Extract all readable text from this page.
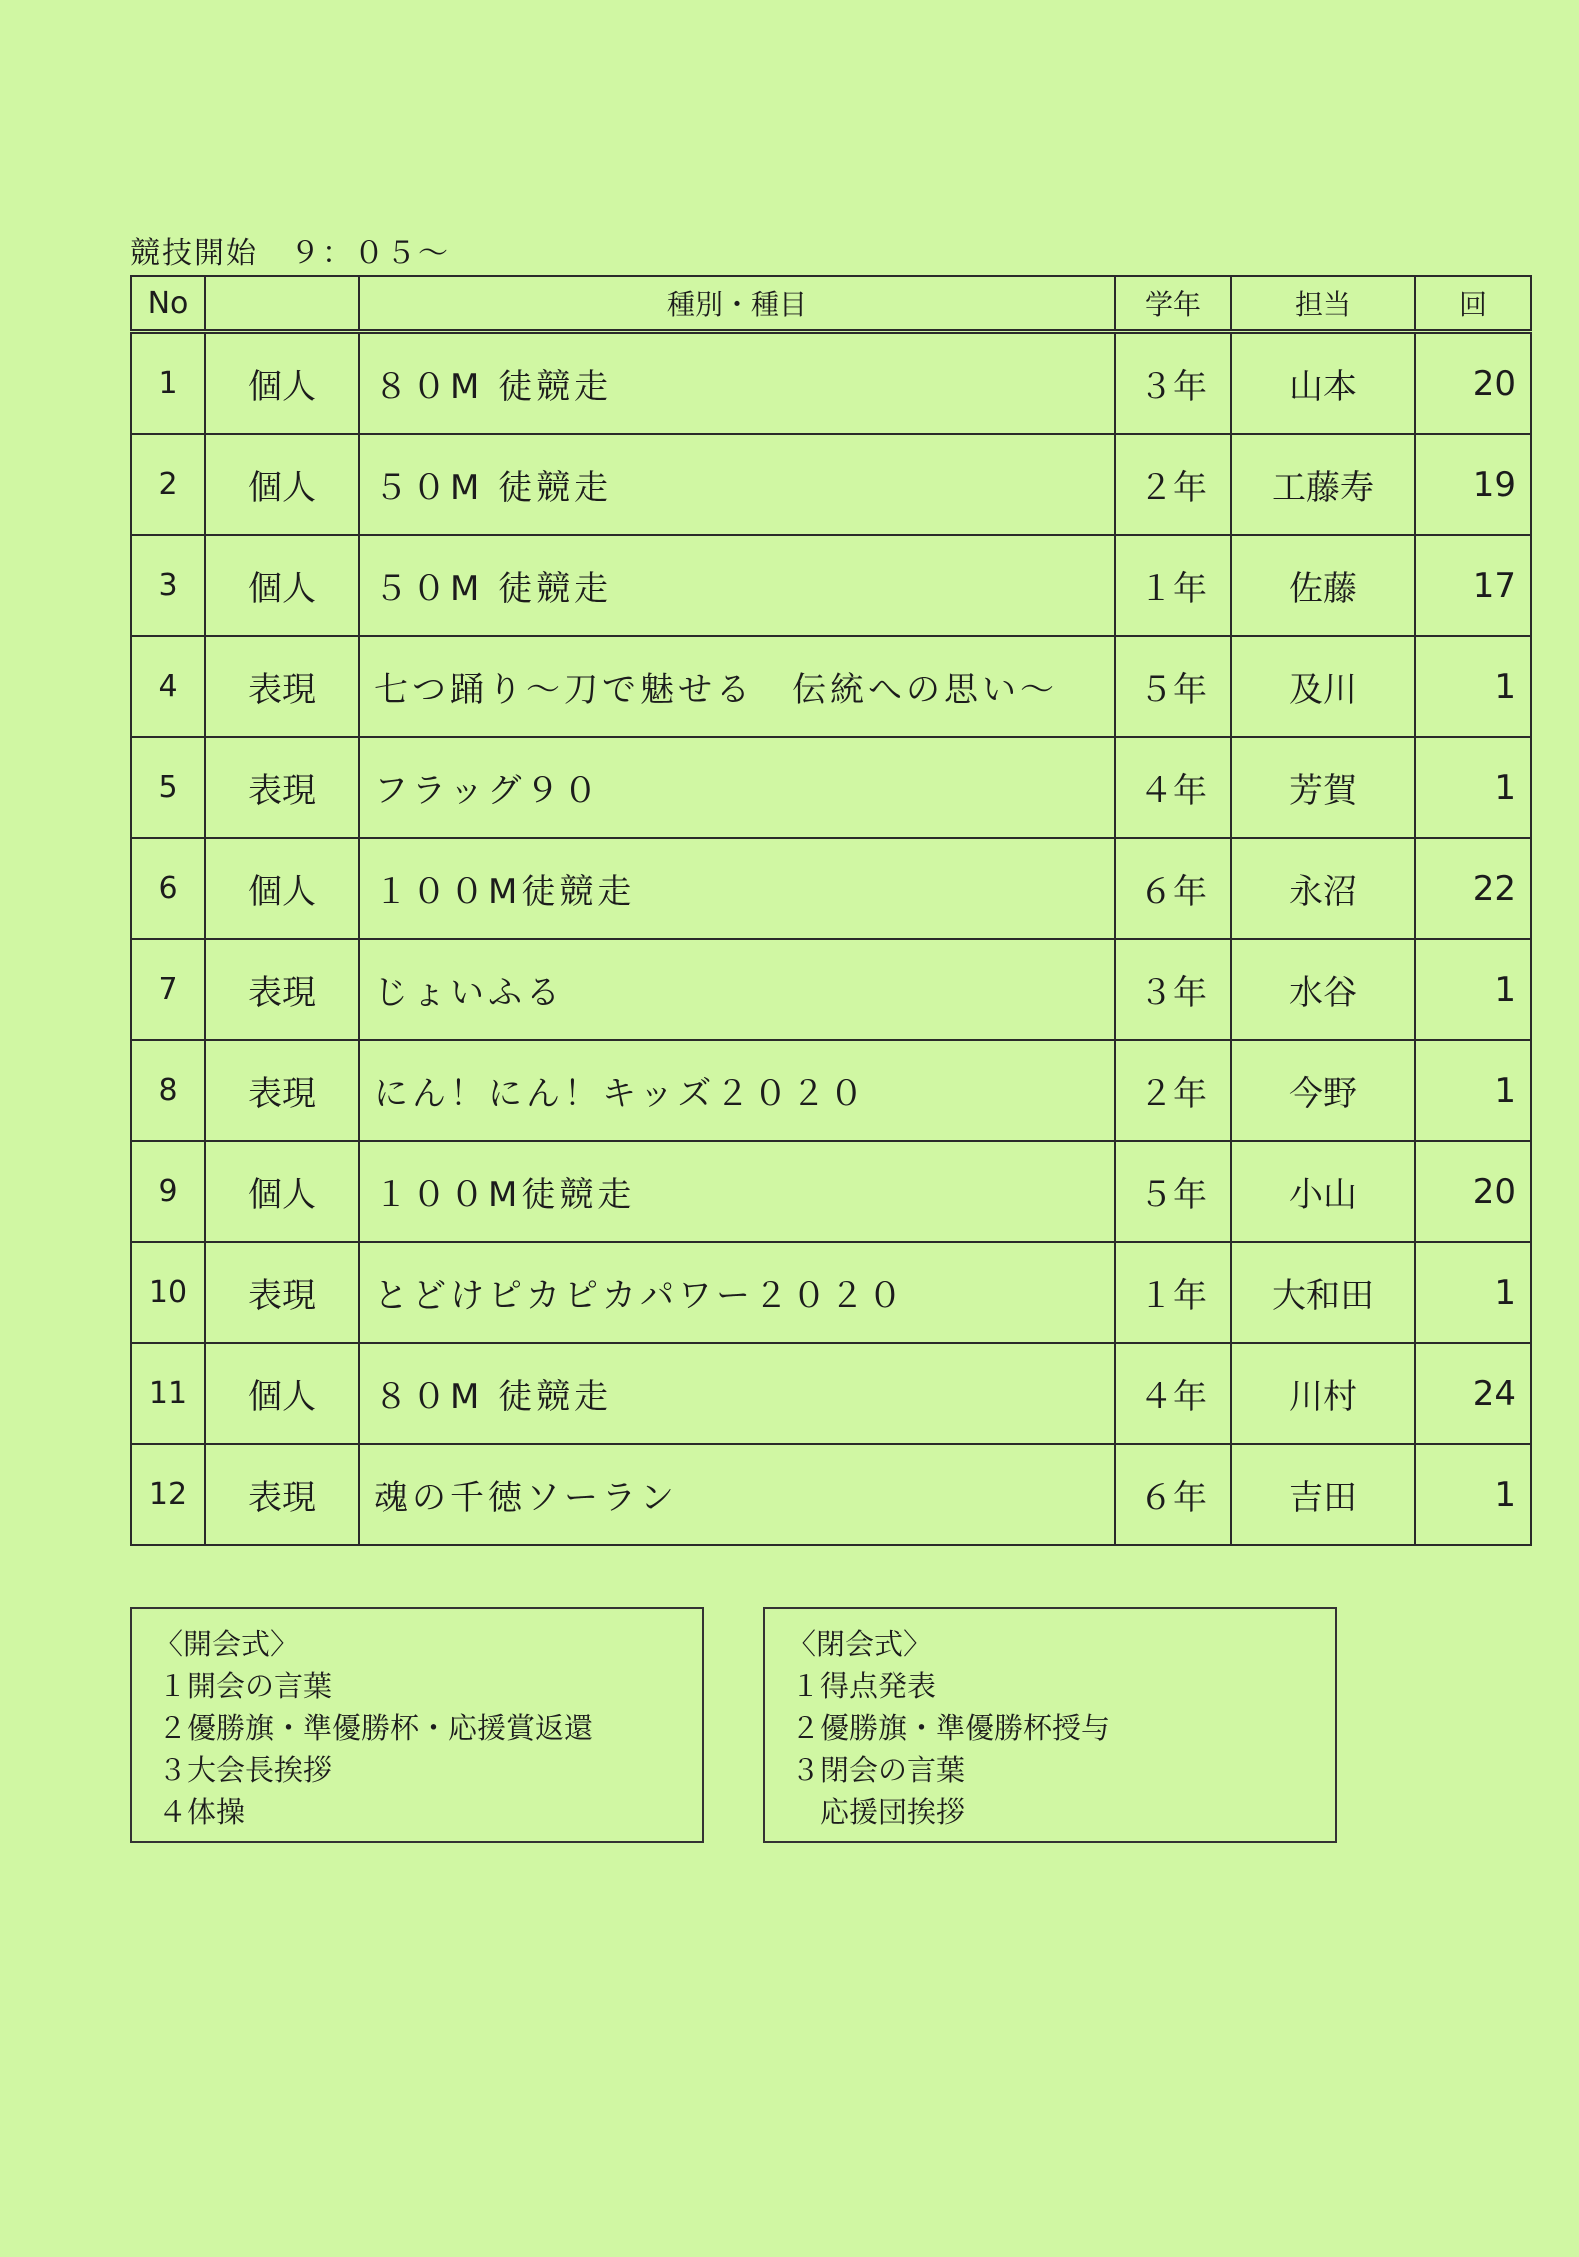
競技開始　９：０５～
No		種別・種目	学年	担当	回
1	個人	８０M 徒競走	３年	山本	20
2	個人	５０M 徒競走	２年	工藤寿	19
3	個人	５０M 徒競走	１年	佐藤	17
4	表現	七つ踊り～刀で魅せる　伝統への思い～	５年	及川	1
5	表現	フラッグ９０	４年	芳賀	1
6	個人	１００M徒競走	６年	永沼	22
7	表現	じょいふる	３年	水谷	1
8	表現	にん！にん！キッズ２０２０	２年	今野	1
9	個人	１００M徒競走	５年	小山	20
10	表現	とどけピカピカパワー２０２０	１年	大和田	1
11	個人	８０M 徒競走	４年	川村	24
12	表現	魂の千徳ソーラン	６年	吉田	1
〈開会式〉
１開会の言葉
２優勝旗・準優勝杯・応援賞返還
３大会長挨拶
４体操
〈閉会式〉
１得点発表
２優勝旗・準優勝杯授与
３閉会の言葉
　応援団挨拶
